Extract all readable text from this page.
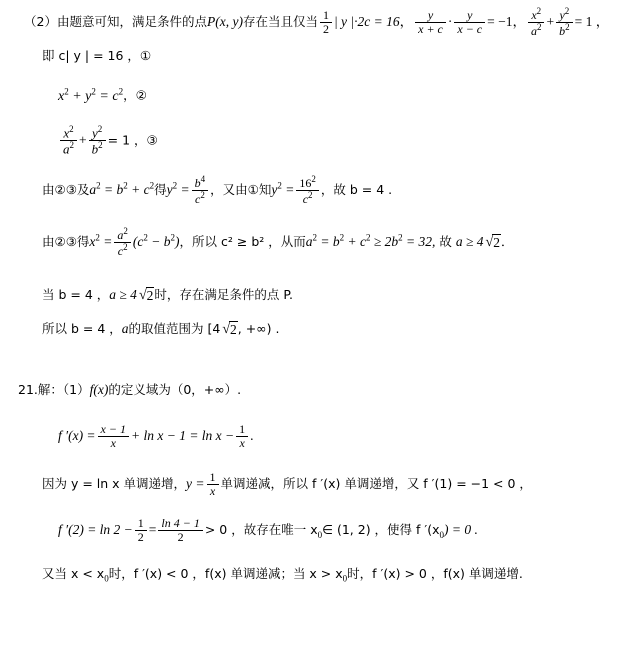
（2）由题意可知，满足条件的点P(x, y)存在当且仅当 $\frac{1}{2}$ | y |·2c = 16， $\frac{y}{x + c} \cdot \frac{y}{x - c} = -1$， $\frac{x^2}{a^2} + \frac{y^2}{b^2} = 1$ ，
即 c| y | = 16 ，①
$x^2 + y^2 = c^2$，②
$\frac{x^2}{a^2} + \frac{y^2}{b^2} = 1$ ，③
由②③及$a^2 = b^2 + c^2$得$y^2 = \frac{b^4}{c^2}$ ，又由①知$y^2 = \frac{16^2}{c^2}$ ，故 b = 4 .
由②③得$x^2 = \frac{a^2}{c^2} (c^2 - b^2)$，所以 c² ≥ b² ，从而$a^2 = b^2 + c^2 \ge 2b^2 = 32$, 故 a ≥ 4 √2．
当 b = 4 ，a ≥ 4 √2时，存在满足条件的点 P.
所以 b = 4 ，a的取值范围为 [4 √2, +∞) .
21.解：（1）f(x)的定义域为（0，+∞）.
f $'(x) = \frac{x - 1}{x} + \ln x - 1 = \ln x - \frac{1}{x}$ .
因为 y = ln x 单调递增，$y = \frac{1}{x}$ 单调递减，所以 f ′(x) 单调递增，又 f ′(1) = −1 < 0 ，
f $'(2) = \ln 2 - \frac{1}{2} = \frac{\ln 4 - 1}{2} > 0$ ，故存在唯一 $x_0\in$ (1, 2) ，使得 f $'(x_0) = 0$ .
又当 $x < x_0$时，f ′(x) < 0 ，f(x) 单调递减；当 $x > x_0$时，f ′(x) > 0 ，f(x) 单调递增.
